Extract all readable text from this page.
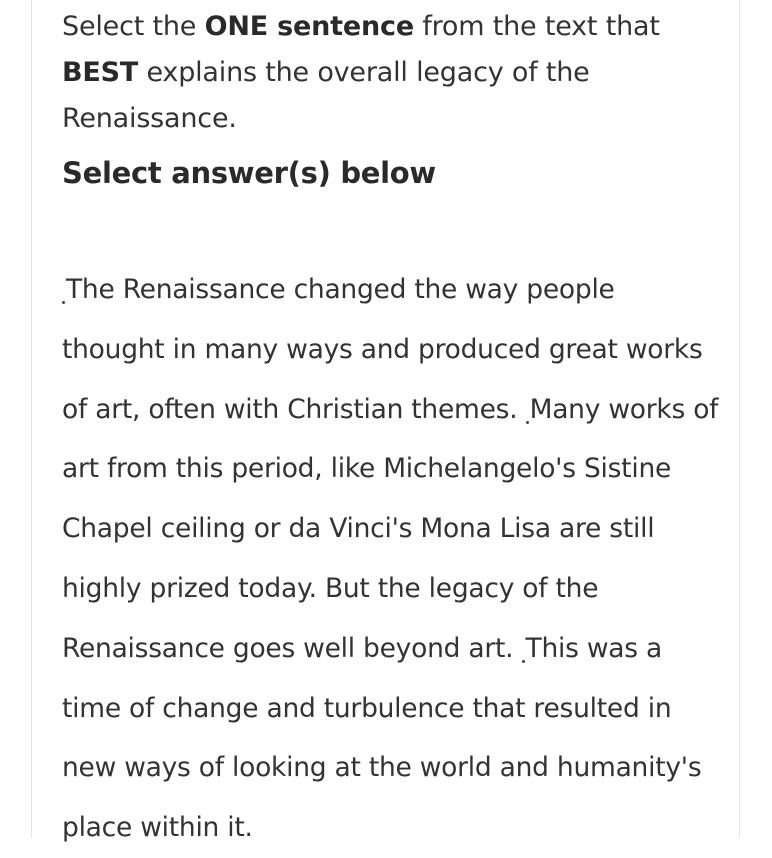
Select the ONE sentence from the text that BEST explains the overall legacy of the Renaissance.
Select answer(s) below
The Renaissance changed the way people thought in many ways and produced great works of art, often with Christian themes. Many works of art from this period, like Michelangelo's Sistine Chapel ceiling or da Vinci's Mona Lisa are still highly prized today. But the legacy of the Renaissance goes well beyond art. This was a time of change and turbulence that resulted in new ways of looking at the world and humanity's place within it.
